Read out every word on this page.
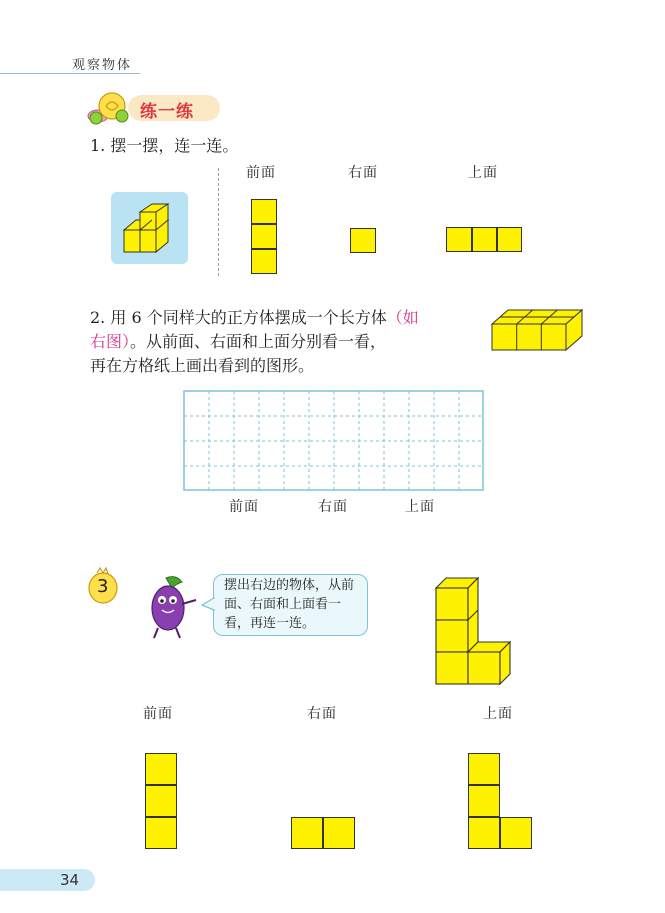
观察物体
练一练
1. 摆一摆，连一连。
前面	右面	上面
2. 用 6 个同样大的正方体摆成一个长方体（如
右图）。从前面、右面和上面分别看一看，
再在方格纸上画出看到的图形。
前面	右面	上面
3	摆出右边的物体，从前面、右面和上面看一看，再连一连。
前面	右面	上面
34
